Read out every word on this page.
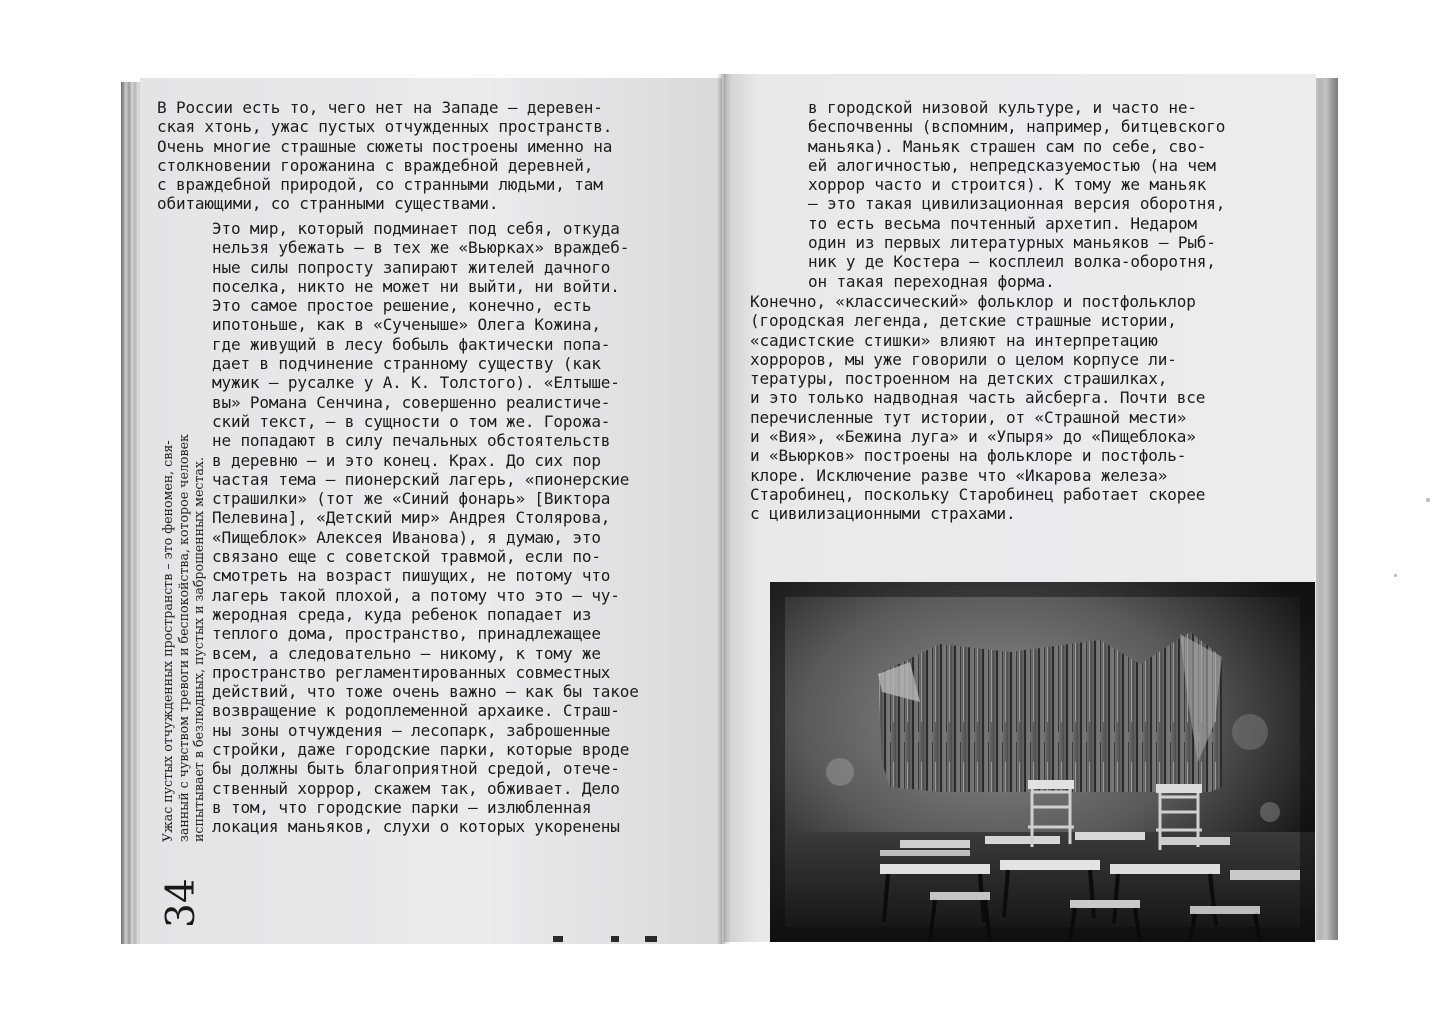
В России есть то, чего нет на Западе – деревен-

ская хтонь, ужас пустых отчужденных пространств.

Очень многие страшные сюжеты построены именно на

столкновении горожанина с враждебной деревней,

с враждебной природой, со странными людьми, там

обитающими, со странными существами.

Это мир, который подминает под себя, откуда

нельзя убежать – в тех же «Вьюрках» враждеб-

ные силы попросту запирают жителей дачного

поселка, никто не может ни выйти, ни войти.

Это самое простое решение, конечно, есть

ипотоньше, как в «Сученыше» Олега Кожина,

где живущий в лесу бобыль фактически попа-

дает в подчинение странному существу (как

мужик – русалке у А. К. Толстого). «Елтыше-

вы» Романа Сенчина, совершенно реалистиче-

ский текст, – в сущности о том же. Горожа-

не попадают в силу печальных обстоятельств

в деревню – и это конец. Крах. До сих пор

частая тема – пионерский лагерь, «пионерские

страшилки» (тот же «Синий фонарь» [Виктора

Пелевина], «Детский мир» Андрея Столярова,

«Пищеблок» Алексея Иванова), я думаю, это

связано еще с советской травмой, если по-

смотреть на возраст пишущих, не потому что

лагерь такой плохой, а потому что это – чу-

жеродная среда, куда ребенок попадает из

теплого дома, пространство, принадлежащее

всем, а следовательно – никому, к тому же

пространство регламентированных совместных

действий, что тоже очень важно – как бы такое

возвращение к родоплеменной архаике. Страш-

ны зоны отчуждения – лесопарк, заброшенные

стройки, даже городские парки, которые вроде

бы должны быть благоприятной средой, отече-

ственный хоррор, скажем так, обживает. Дело

в том, что городские парки – излюбленная

локация маньяков, слухи о которых укоренены

Ужас пустых отчужденных пространств – это феномен, свя- занный с чувством тревоги и беспокойства, которое человек испытывает в безлюдных, пустых и заброшенных местах.

34

в городской низовой культуре, и часто не-

беспочвенны (вспомним, например, битцевского

маньяка). Маньяк страшен сам по себе, сво-

ей алогичностью, непредсказуемостью (на чем

хоррор часто и строится). К тому же маньяк

– это такая цивилизационная версия оборотня,

то есть весьма почтенный архетип. Недаром

один из первых литературных маньяков – Рыб-

ник у де Костера – косплеил волка-оборотня,

он такая переходная форма.

Конечно, «классический» фольклор и постфольклор

(городская легенда, детские страшные истории,

«садистские стишки» влияют на интерпретацию

хорроров, мы уже говорили о целом корпусе ли-

тературы, построенном на детских страшилках,

и это только надводная часть айсберга. Почти все

перечисленные тут истории, от «Страшной мести»

и «Вия», «Бежина луга» и «Упыря» до «Пищеблока»

и «Вьюрков» построены на фольклоре и постфоль-

клоре. Исключение разве что «Икарова железа»

Старобинец, поскольку Старобинец работает скорее

с цивилизационными страхами.
